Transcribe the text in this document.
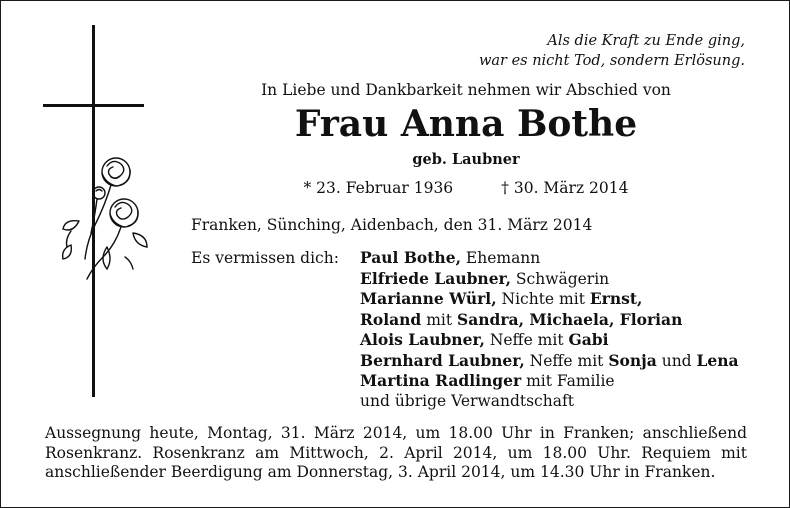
Als die Kraft zu Ende ging,
war es nicht Tod, sondern Erlösung.
In Liebe und Dankbarkeit nehmen wir Abschied von
Frau Anna Bothe
geb. Laubner
* 23. Februar 1936	† 30. März 2014
Franken, Sünching, Aidenbach, den 31. März 2014
Es vermissen dich: Paul Bothe, Ehemann
Elfriede Laubner, Schwägerin
Marianne Würl, Nichte mit Ernst,
Roland mit Sandra, Michaela, Florian
Alois Laubner, Neffe mit Gabi
Bernhard Laubner, Neffe mit Sonja und Lena
Martina Radlinger mit Familie
und übrige Verwandtschaft
Aussegnung heute, Montag, 31. März 2014, um 18.00 Uhr in Franken; anschließend Rosenkranz. Rosenkranz am Mittwoch, 2. April 2014, um 18.00 Uhr. Requiem mit anschließender Beerdigung am Donnerstag, 3. April 2014, um 14.30 Uhr in Franken.
